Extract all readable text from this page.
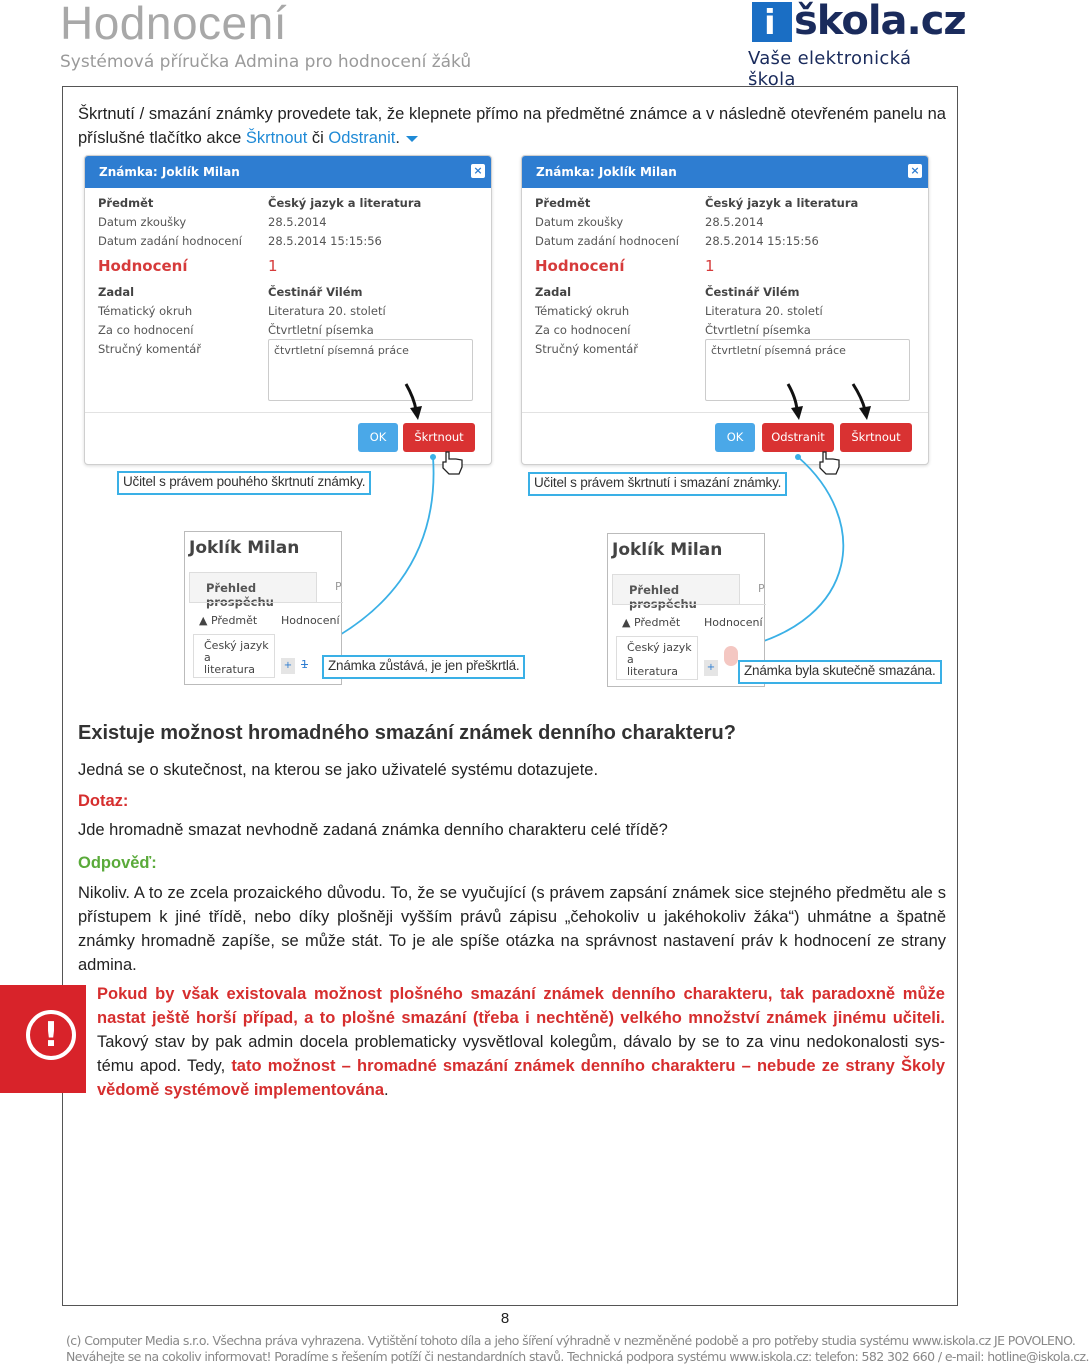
Hodnocení
Systémová příručka Admina pro hodnocení žáků
i škola.cz
Vaše elektronická škola
Škrtnutí / smazání známky provedete tak, že klepnete přímo na předmětné známce a v následně otevřeném panelu na příslušné tlačítko akce Škrtnout či Odstranit.
Známka: Joklík Milan	×
Předmět	Český jazyk a literatura
Datum zkoušky	28.5.2014
Datum zadání hodnocení 28.5.2014 15:15:56
Hodnocení	1
Zadal	Čestinář Vilém
Tématický okruh	Literatura 20. století
Za co hodnocení	Čtvrtletní písemka
Stručný komentář	čtvrtletní písemná práce
OK	Škrtnout
Známka: Joklík Milan	×
Předmět	Český jazyk a literatura
Datum zkoušky	28.5.2014
Datum zadání hodnocení 28.5.2014 15:15:56
Hodnocení	1
Zadal	Čestinář Vilém
Tématický okruh	Literatura 20. století
Za co hodnocení	Čtvrtletní písemka
Stručný komentář	čtvrtletní písemná práce
OK	Odstranit	Škrtnout
Učitel s právem pouhého škrtnutí známky.	Učitel s právem škrtnutí i smazání známky.
Joklík Milan
Přehled prospěchu
P
▲ Předmět Hodnocení
Český jazyk a
literatura	+ 1
Joklík Milan
Přehled prospěchu
P
▲ Předmět Hodnocení
Český jazyk a
literatura	+
Známka zůstává, je jen přeškrtlá.	Známka byla skutečně smazána.
Existuje možnost hromadného smazání známek denního charakteru?
Jedná se o skutečnost, na kterou se jako uživatelé systému dotazujete.
Dotaz:
Jde hromadně smazat nevhodně zadaná známka denního charakteru celé třídě?
Odpověď:
Nikoliv. A to ze zcela prozaického důvodu. To, že se vyučující (s právem zapsání známek sice stejného předmětu ale s přístupem k jiné třídě, nebo díky plošněji vyšším právů zápisu „čehokoliv u jakéhokoliv žáka“) uhmátne a špatně známky hromadně zapíše, se může stát. To je ale spíše otázka na správnost nastavení práv k hodnocení ze strany admina.
!
Pokud by však existovala možnost plošného smazání známek denního charakteru, tak paradoxně může nastat ještě horší případ, a to plošné smazání (třeba i nechtěně) velkého množství známek jinému učiteli. Takový stav by pak admin docela problematicky vysvětloval kolegům, dávalo by se to za vinu nedokonalosti systému apod. Tedy, tato možnost – hromadné smazání známek denního charakteru – nebude ze strany Školy vědomě systémově implementována.
8
(c) Computer Media s.r.o. Všechna práva vyhrazena. Vytištění tohoto díla a jeho šíření výhradně v nezměněné podobě a pro potřeby studia systému www.iskola.cz JE POVOLENO.
Neváhejte se na cokoliv informovat! Poradíme s řešením potíží či nestandardních stavů. Technická podpora systému www.iskola.cz: telefon: 582 302 660 / e-mail: hotline@iskola.cz.
